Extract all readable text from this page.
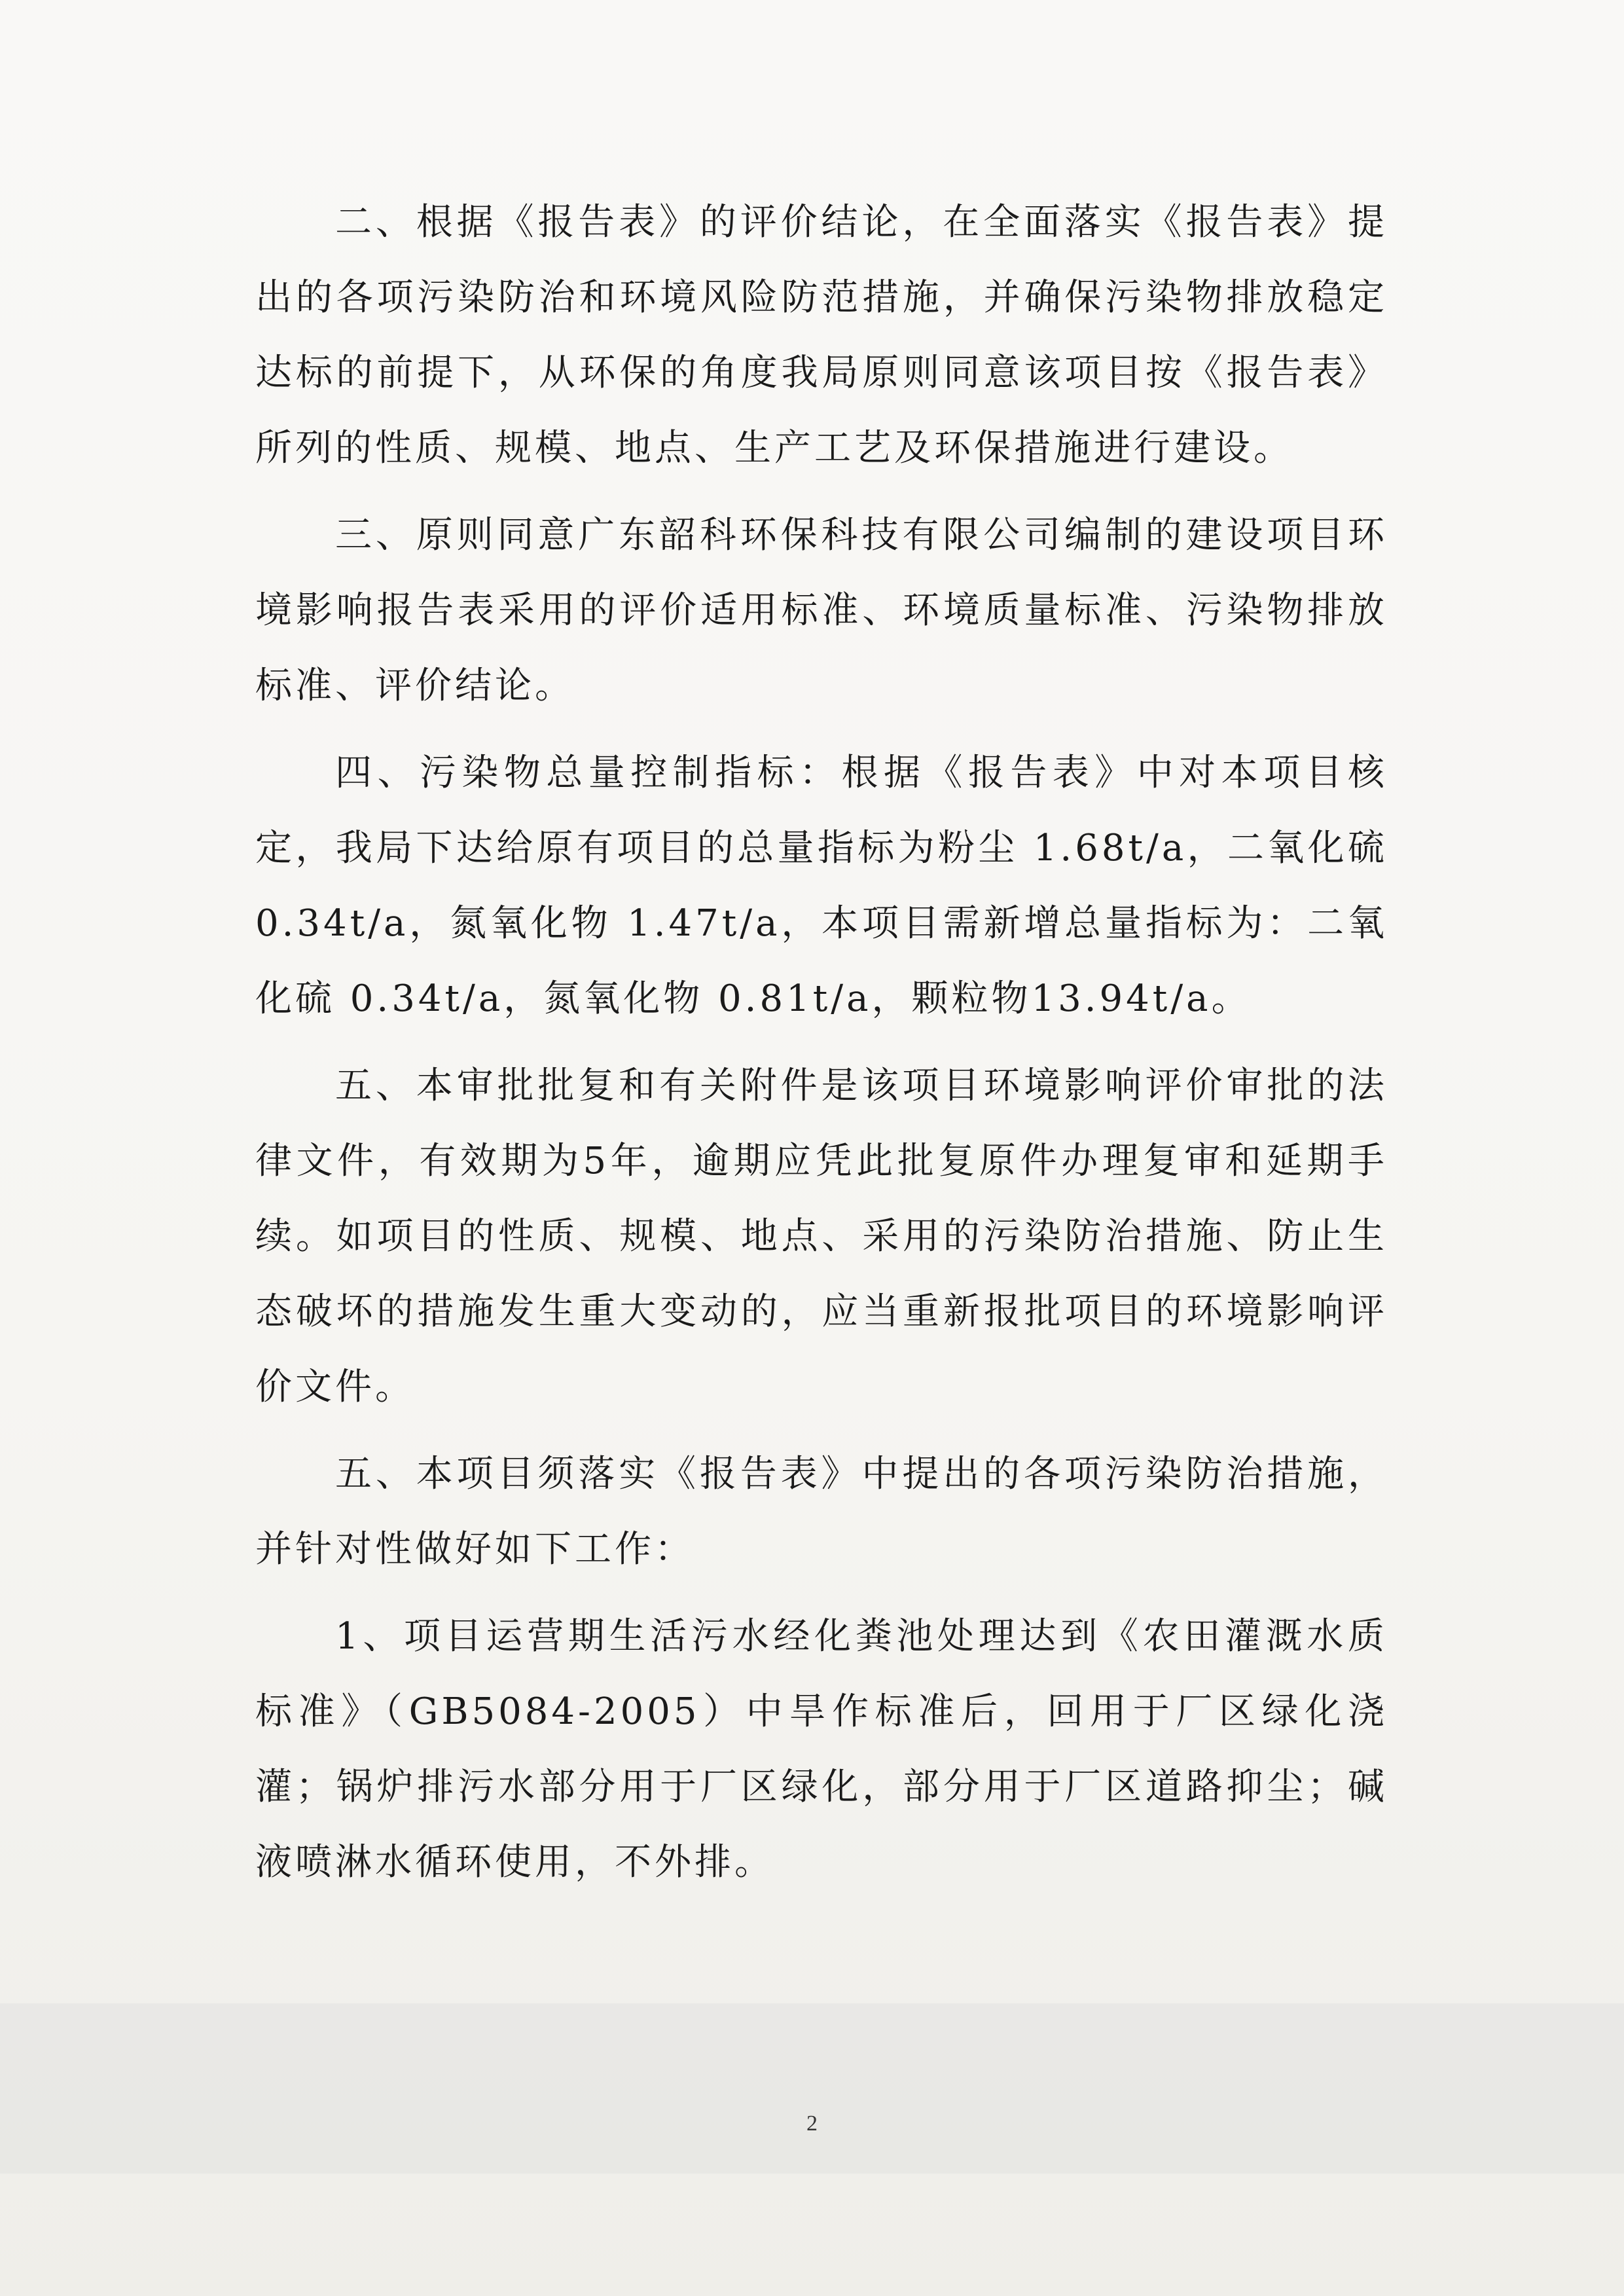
二、根据《报告表》的评价结论，在全面落实《报告表》提出的各项污染防治和环境风险防范措施，并确保污染物排放稳定达标的前提下，从环保的角度我局原则同意该项目按《报告表》所列的性质、规模、地点、生产工艺及环保措施进行建设。

三、原则同意广东韶科环保科技有限公司编制的建设项目环境影响报告表采用的评价适用标准、环境质量标准、污染物排放标准、评价结论。

四、污染物总量控制指标：根据《报告表》中对本项目核定，我局下达给原有项目的总量指标为粉尘 1.68t/a，二氧化硫 0.34t/a，氮氧化物 1.47t/a，本项目需新增总量指标为：二氧化硫 0.34t/a，氮氧化物 0.81t/a，颗粒物13.94t/a。

五、本审批批复和有关附件是该项目环境影响评价审批的法律文件，有效期为5年，逾期应凭此批复原件办理复审和延期手续。如项目的性质、规模、地点、采用的污染防治措施、防止生态破坏的措施发生重大变动的，应当重新报批项目的环境影响评价文件。

五、本项目须落实《报告表》中提出的各项污染防治措施，并针对性做好如下工作：

1、项目运营期生活污水经化粪池处理达到《农田灌溉水质标准》（GB5084-2005）中旱作标准后，回用于厂区绿化浇灌；锅炉排污水部分用于厂区绿化，部分用于厂区道路抑尘；碱液喷淋水循环使用，不外排。

2
